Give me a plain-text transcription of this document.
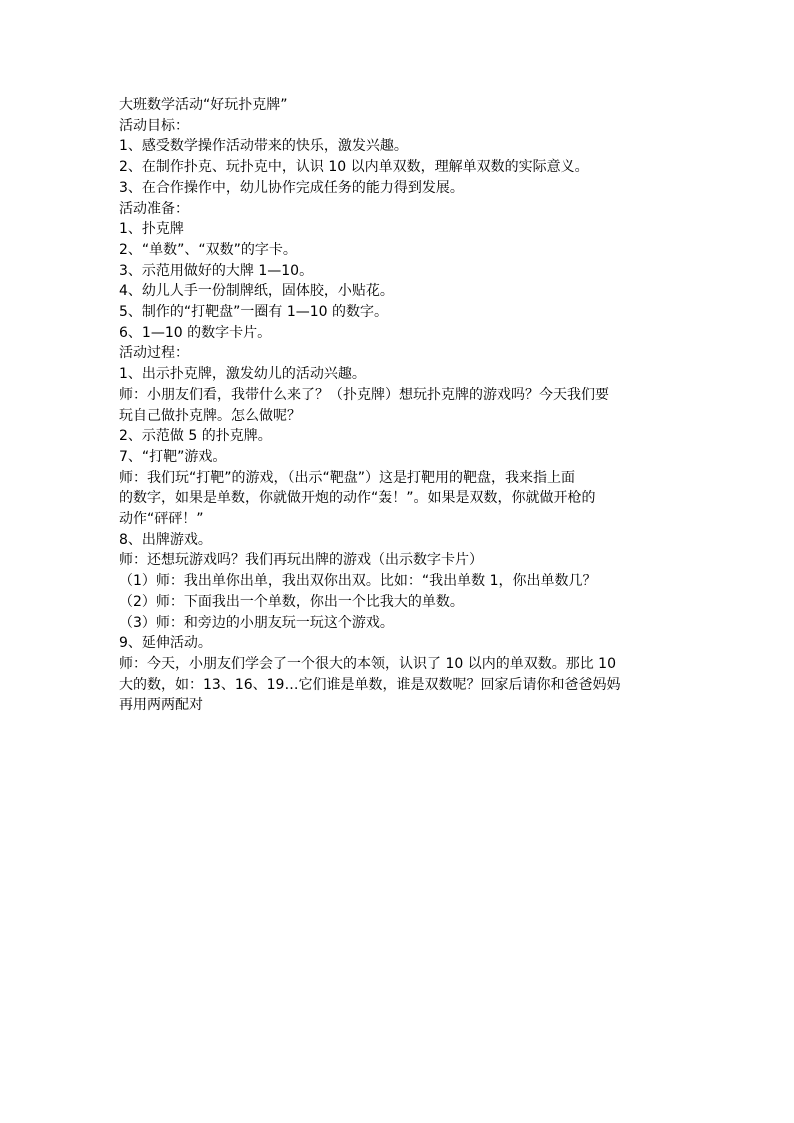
大班数学活动“好玩扑克牌”
活动目标：
1、感受数学操作活动带来的快乐，激发兴趣。
2、在制作扑克、玩扑克中，认识 10 以内单双数，理解单双数的实际意义。
3、在合作操作中，幼儿协作完成任务的能力得到发展。
活动准备：
1、扑克牌
2、“单数”、“双数”的字卡。
3、示范用做好的大牌 1—10。
4、幼儿人手一份制牌纸，固体胶，小贴花。
5、制作的“打靶盘”一圈有 1—10 的数字。
6、1—10 的数字卡片。
活动过程：
1、出示扑克牌，激发幼儿的活动兴趣。
师：小朋友们看，我带什么来了？（扑克牌）想玩扑克牌的游戏吗？今天我们要
玩自己做扑克牌。怎么做呢？
2、示范做 5 的扑克牌。
7、“打靶”游戏。
师：我们玩“打靶”的游戏，（出示“靶盘”）这是打靶用的靶盘，我来指上面
的数字，如果是单数，你就做开炮的动作“轰！”。如果是双数，你就做开枪的
动作“砰砰！”
8、出牌游戏。
师：还想玩游戏吗？我们再玩出牌的游戏（出示数字卡片）
（1）师：我出单你出单，我出双你出双。比如：“我出单数 1，你出单数几？
（2）师：下面我出一个单数，你出一个比我大的单数。
（3）师：和旁边的小朋友玩一玩这个游戏。
9、延伸活动。
师：今天，小朋友们学会了一个很大的本领，认识了 10 以内的单双数。那比 10
大的数，如：13、16、19…它们谁是单数，谁是双数呢？回家后请你和爸爸妈妈
再用两两配对
